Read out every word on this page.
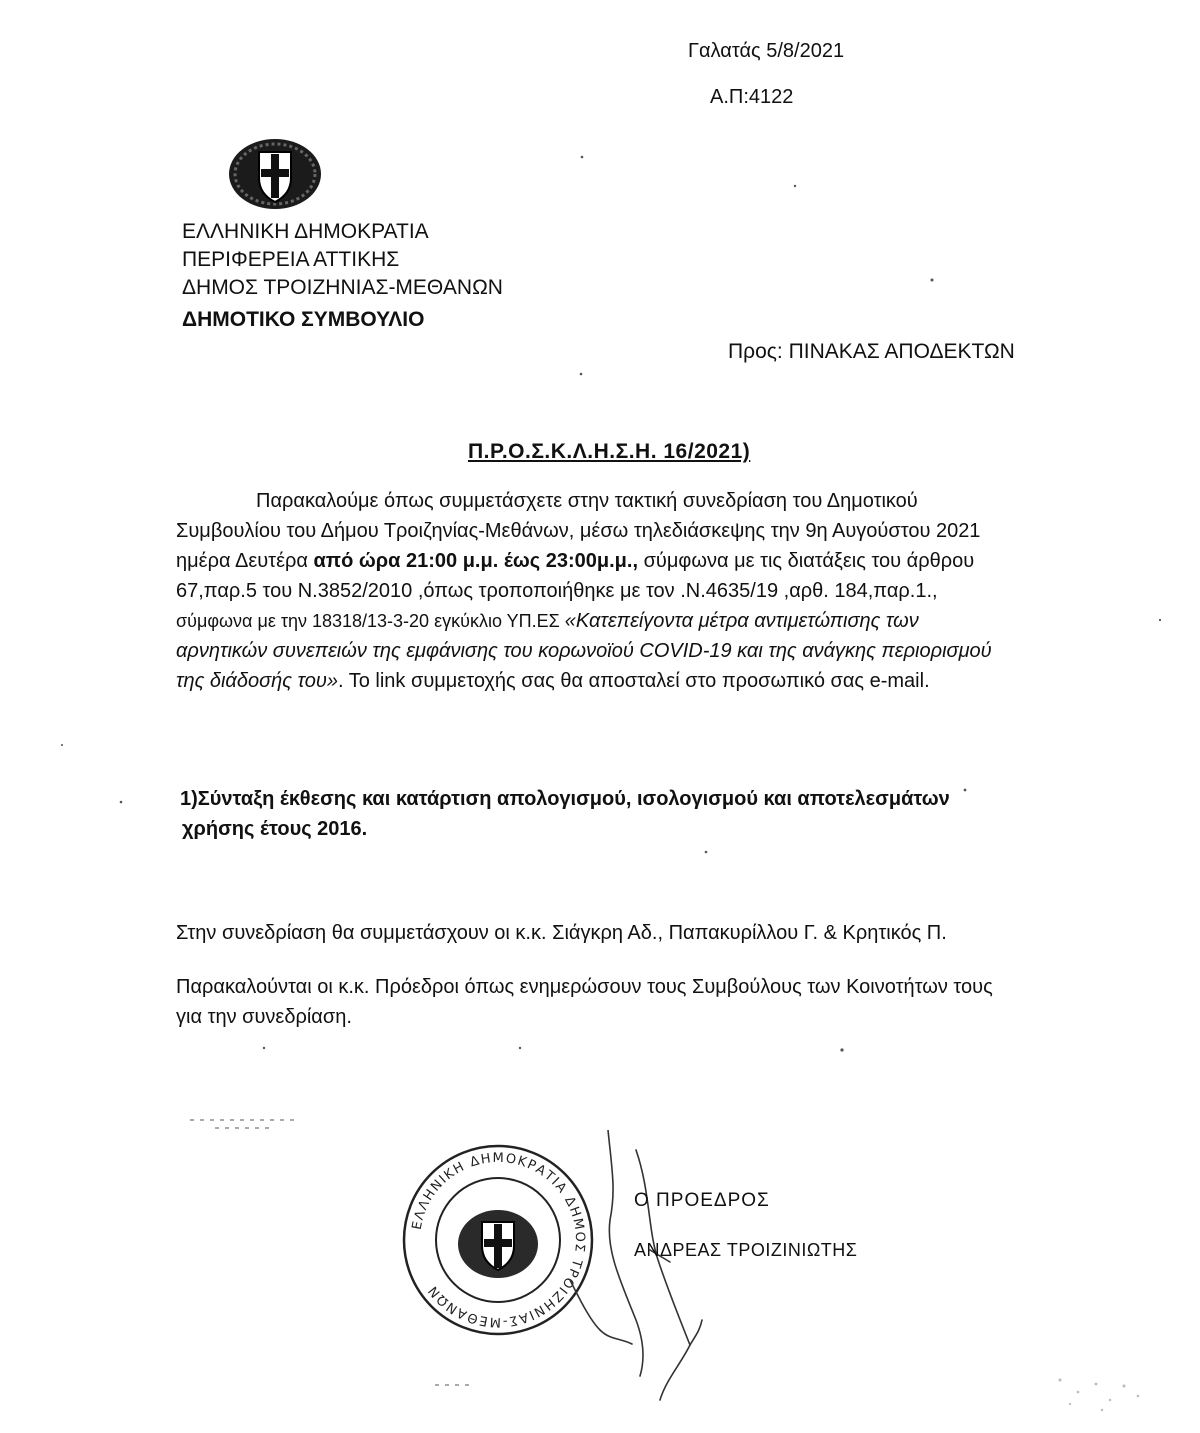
Γαλατάς 5/8/2021
Α.Π:4122
ΕΛΛΗΝΙΚΗ ΔΗΜΟΚΡΑΤΙΑ
ΠΕΡΙΦΕΡΕΙΑ ΑΤΤΙΚΗΣ
ΔΗΜΟΣ ΤΡΟΙΖΗΝΙΑΣ-ΜΕΘΑΝΩΝ
ΔΗΜΟΤΙΚΟ ΣΥΜΒΟΥΛΙΟ
Προς: ΠΙΝΑΚΑΣ ΑΠΟΔΕΚΤΩΝ
Π.Ρ.Ο.Σ.Κ.Λ.Η.Σ.Η. 16/2021)

Παρακαλούμε όπως συμμετάσχετε στην τακτική συνεδρίαση του Δημοτικού

Συμβουλίου του Δήμου Τροιζηνίας-Μεθάνων, μέσω τηλεδιάσκεψης την 9η Αυγούστου 2021

ημέρα Δευτέρα από ώρα 21:00 μ.μ. έως 23:00μ.μ., σύμφωνα με τις διατάξεις του άρθρου

67,παρ.5 του Ν.3852/2010 ,όπως τροποποιήθηκε με τον .Ν.4635/19 ,αρθ. 184,παρ.1.,

σύμφωνα με την 18318/13-3-20 εγκύκλιο ΥΠ.ΕΣ «Κατεπείγοντα μέτρα αντιμετώπισης των

αρνητικών συνεπειών της εμφάνισης του κορωνοϊού COVID-19 και της ανάγκης περιορισμού

της διάδοσής του». Το link συμμετοχής σας θα αποσταλεί στο προσωπικό σας e-mail.

1)Σύνταξη έκθεσης και κατάρτιση απολογισμού, ισολογισμού και αποτελεσμάτων

χρήσης έτους 2016.

Στην συνεδρίαση θα συμμετάσχουν οι κ.κ. Σιάγκρη Αδ., Παπακυρίλλου Γ. & Κρητικός Π.

Παρακαλούνται οι κ.κ. Πρόεδροι όπως ενημερώσουν τους Συμβούλους των Κοινοτήτων τους

για την συνεδρίαση.

ΕΛΛΗΝΙΚΗ ΔΗΜΟΚΡΑΤΙΑ ΔΗΜΟΣ ΤΡΟΙΖΗΝΙΑΣ-ΜΕΘΑΝΩΝ
Ο ΠΡΟΕΔΡΟΣ
ΑΝΔΡΕΑΣ ΤΡΟΙΖΙΝΙΩΤΗΣ
